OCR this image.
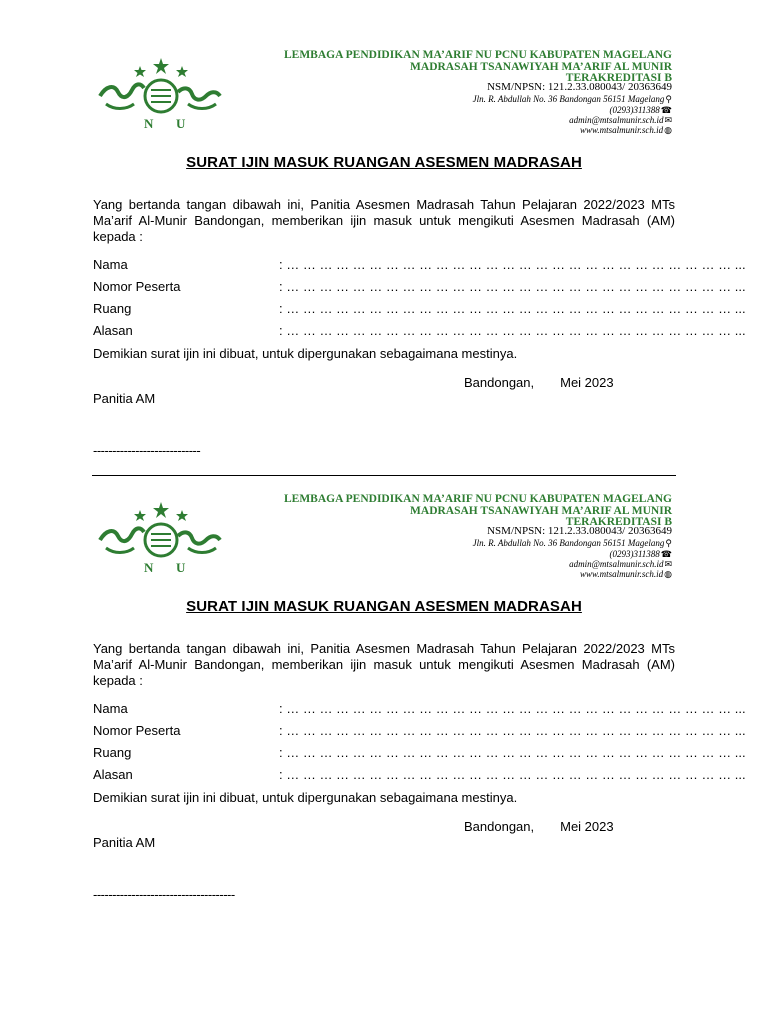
N U
LEMBAGA PENDIDIKAN MA’ARIF NU PCNU KABUPATEN MAGELANG
MADRASAH TSANAWIYAH MA’ARIF AL MUNIR
TERAKREDITASI B
NSM/NPSN: 121.2.33.080043/ 20363649
Jln. R. Abdullah No. 36 Bandongan 56151 Magelang⚲
(0293)311388☎
admin@mtsalmunir.sch.id✉
www.mtsalmunir.sch.id◍
SURAT IJIN MASUK RUANGAN ASESMEN MADRASAH
Yang bertanda tangan dibawah ini, Panitia Asesmen Madrasah Tahun Pelajaran 2022/2023 MTs Ma’arif Al-Munir Bandongan, memberikan ijin masuk untuk mengikuti Asesmen Madrasah (AM) kepada :
Nama	: … … … … … … … … … … … … … … … … … … … … … … … … … … … ...
Nomor Peserta	: … … … … … … … … … … … … … … … … … … … … … … … … … … … ...
Ruang	: … … … … … … … … … … … … … … … … … … … … … … … … … … … ...
Alasan	: … … … … … … … … … … … … … … … … … … … … … … … … … … … ...
Demikian surat ijin ini dibuat, untuk dipergunakan sebagaimana mestinya.
Bandongan, Mei 2023
Panitia AM
----------------------------
N U
LEMBAGA PENDIDIKAN MA’ARIF NU PCNU KABUPATEN MAGELANG
MADRASAH TSANAWIYAH MA’ARIF AL MUNIR
TERAKREDITASI B
NSM/NPSN: 121.2.33.080043/ 20363649
Jln. R. Abdullah No. 36 Bandongan 56151 Magelang⚲
(0293)311388☎
admin@mtsalmunir.sch.id✉
www.mtsalmunir.sch.id◍
SURAT IJIN MASUK RUANGAN ASESMEN MADRASAH
Yang bertanda tangan dibawah ini, Panitia Asesmen Madrasah Tahun Pelajaran 2022/2023 MTs Ma’arif Al-Munir Bandongan, memberikan ijin masuk untuk mengikuti Asesmen Madrasah (AM) kepada :
Nama	: … … … … … … … … … … … … … … … … … … … … … … … … … … … ...
Nomor Peserta	: … … … … … … … … … … … … … … … … … … … … … … … … … … … ...
Ruang	: … … … … … … … … … … … … … … … … … … … … … … … … … … … ...
Alasan	: … … … … … … … … … … … … … … … … … … … … … … … … … … … ...
Demikian surat ijin ini dibuat, untuk dipergunakan sebagaimana mestinya.
Bandongan, Mei 2023
Panitia AM
-------------------------------------
